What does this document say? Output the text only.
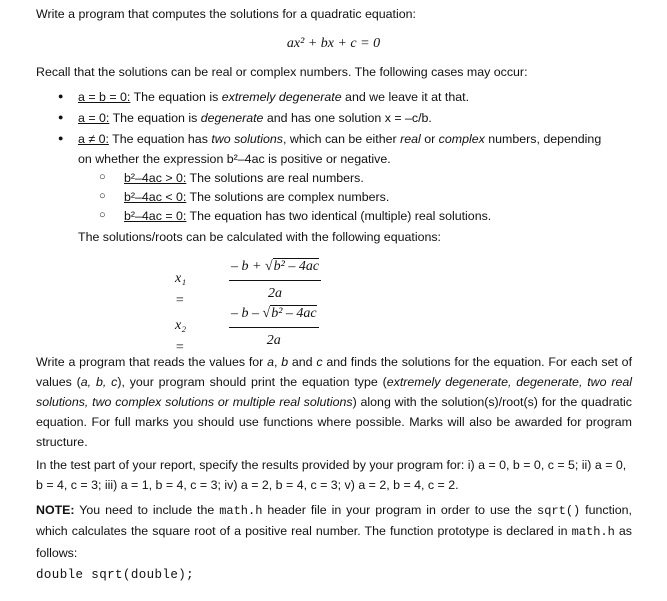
Write a program that computes the solutions for a quadratic equation:

ax² + bx + c = 0

Recall that the solutions can be real or complex numbers. The following cases may occur:

● a = b = 0: The equation is extremely degenerate and we leave it at that.
● a = 0: The equation is degenerate and has one solution x = –c/b.
● a ≠ 0: The equation has two solutions, which can be either real or complex numbers, depending on whether the expression b²–4ac is positive or negative.
○ b²–4ac > 0: The solutions are real numbers.
○ b²–4ac < 0: The solutions are complex numbers.
○ b²–4ac = 0: The equation has two identical (multiple) real solutions.
The solutions/roots can be calculated with the following equations:
x₁ =	$\frac{\text{– b + √b² – 4ac}}{2a}$
x₂ =	$\frac{\text{– b – √b² – 4ac}}{2a}$

Write a program that reads the values for a, b and c and finds the solutions for the equation. For each set of values (a, b, c), your program should print the equation type (extremely degenerate, degenerate, two real solutions, two complex solutions or multiple real solutions) along with the solution(s)/root(s) for the quadratic equation. For full marks you should use functions where possible. Marks will also be awarded for program structure.

In the test part of your report, specify the results provided by your program for: i) a = 0, b = 0, c = 5; ii) a = 0, b = 4, c = 3; iii) a = 1, b = 4, c = 3; iv) a = 2, b = 4, c = 3; v) a = 2, b = 4, c = 2.

NOTE: You need to include the math.h header file in your program in order to use the sqrt() function, which calculates the square root of a positive real number. The function prototype is declared in math.h as follows:

double sqrt(double);
